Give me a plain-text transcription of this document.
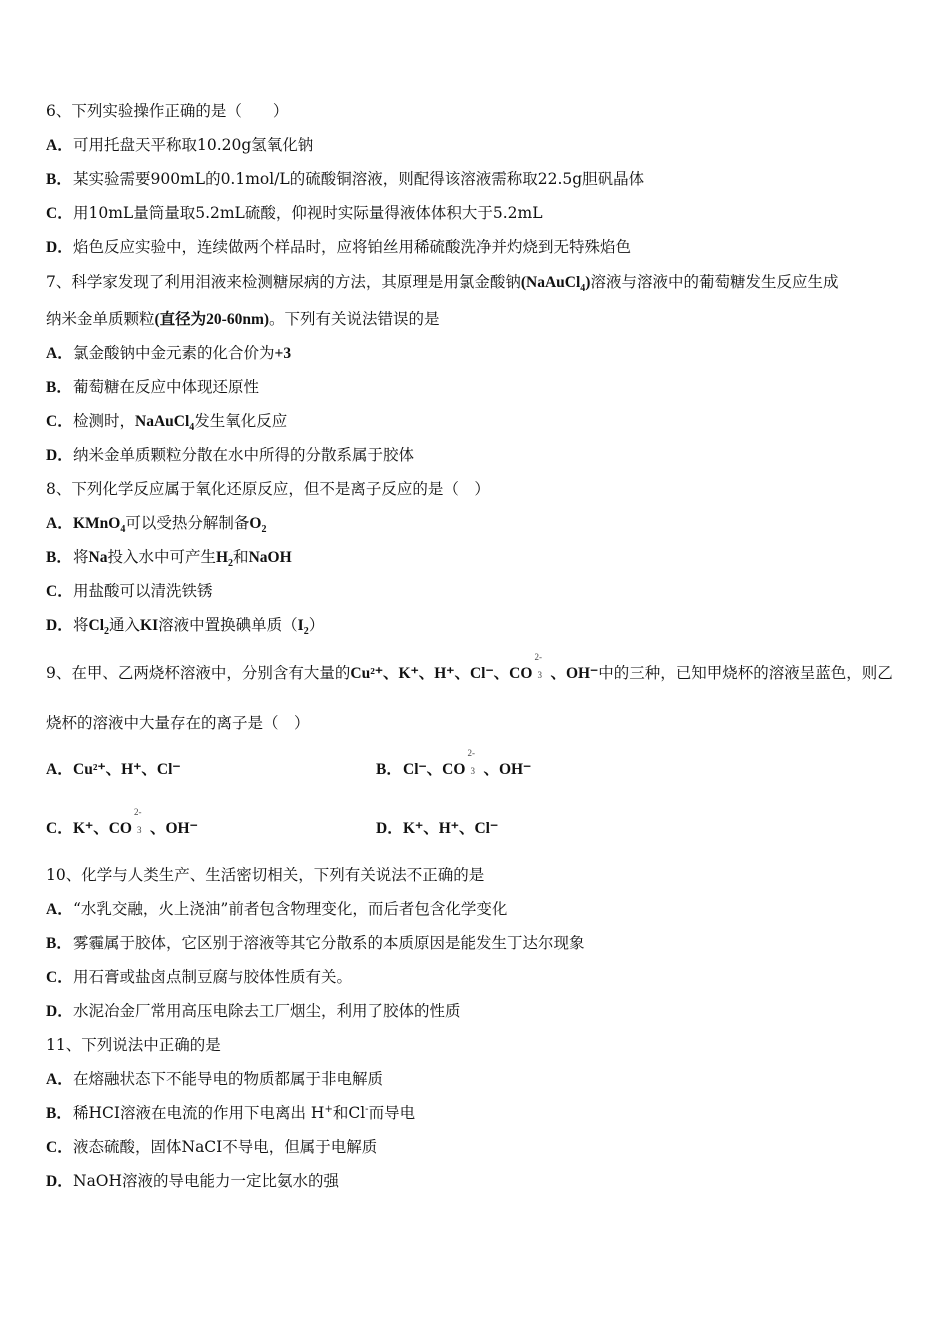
6、下列实验操作正确的是（　　）
A．可用托盘天平称取10.20g氢氧化钠
B．某实验需要900mL的0.1mol/L的硫酸铜溶液，则配得该溶液需称取22.5g胆矾晶体
C．用10mL量筒量取5.2mL硫酸，仰视时实际量得液体体积大于5.2mL
D．焰色反应实验中，连续做两个样品时，应将铂丝用稀硫酸洗净并灼烧到无特殊焰色
7、科学家发现了利用泪液来检测糖尿病的方法，其原理是用氯金酸钠(NaAuCl$_4$)溶液与溶液中的葡萄糖发生反应生成
纳米金单质颗粒(直径为20-60nm)。下列有关说法错误的是
A．氯金酸钠中金元素的化合价为+3
B．葡萄糖在反应中体现还原性
C．检测时，NaAuCl$_4$发生氧化反应
D．纳米金单质颗粒分散在水中所得的分散系属于胶体
8、下列化学反应属于氧化还原反应，但不是离子反应的是（　）
A．KMnO$_4$可以受热分解制备$O_2$
B．将Na投入水中可产生$H_2$和NaOH
C．用盐酸可以清洗铁锈
D．将$Cl_2$通入KI溶液中置换碘单质$(I_2)$
9、在甲、乙两烧杯溶液中，分别含有大量的Cu²⁺、K⁺、H⁺、Cl⁻、CO
2-
3 、OH⁻中的三种，已知甲烧杯的溶液呈蓝色，则乙
烧杯的溶液中大量存在的离子是（　）
A．Cu²⁺、H⁺、Cl⁻	B．Cl⁻、CO
2-
3 、OH⁻
C．K⁺、CO
2-
3 、OH⁻	D．K⁺、H⁺、Cl⁻
10、化学与人类生产、生活密切相关，下列有关说法不正确的是
A．“水乳交融，火上浇油”前者包含物理变化，而后者包含化学变化
B．雾霾属于胶体，它区别于溶液等其它分散系的本质原因是能发生丁达尔现象
C．用石膏或盐卤点制豆腐与胶体性质有关。
D．水泥冶金厂常用高压电除去工厂烟尘，利用了胶体的性质
11、下列说法中正确的是
A．在熔融状态下不能导电的物质都属于非电解质
B．稀HCI溶液在电流的作用下电离出 H+和Cl-而导电
C．液态硫酸，固体NaCI不导电，但属于电解质
D．NaOH溶液的导电能力一定比氨水的强
